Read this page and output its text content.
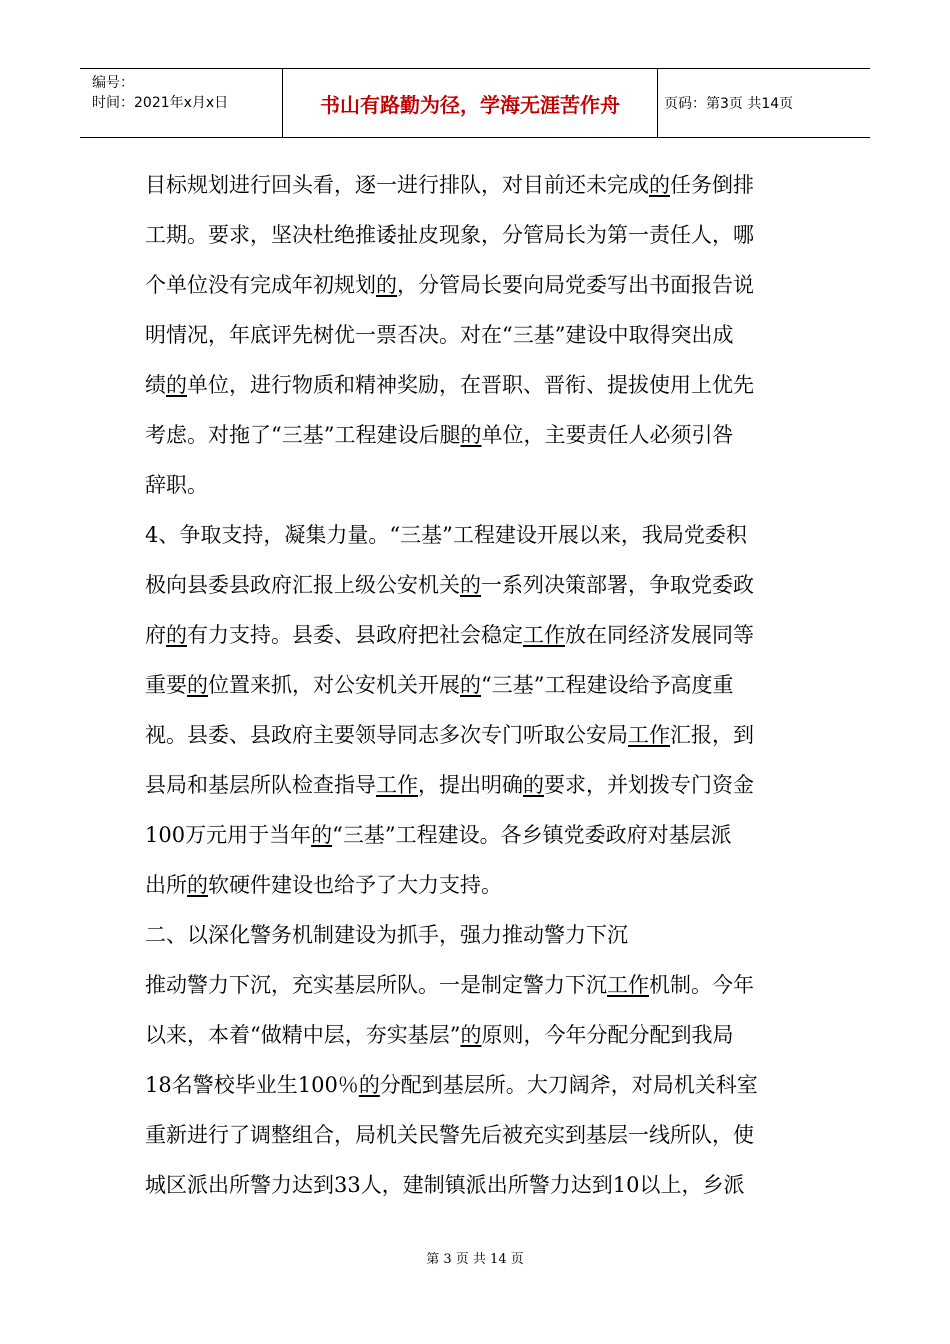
编号：
时间：2021年x月x日	书山有路勤为径，学海无涯苦作舟	页码：第3页 共14页
目标规划进行回头看，逐一进行排队，对目前还未完成的任务倒排
工期。要求，坚决杜绝推诿扯皮现象，分管局长为第一责任人，哪
个单位没有完成年初规划的，分管局长要向局党委写出书面报告说
明情况，年底评先树优一票否决。对在“三基”建设中取得突出成
绩的单位，进行物质和精神奖励，在晋职、晋衔、提拔使用上优先
考虑。对拖了“三基”工程建设后腿的单位，主要责任人必须引咎
辞职。
4、争取支持，凝集力量。“三基”工程建设开展以来，我局党委积
极向县委县政府汇报上级公安机关的一系列决策部署，争取党委政
府的有力支持。县委、县政府把社会稳定工作放在同经济发展同等
重要的位置来抓，对公安机关开展的“三基”工程建设给予高度重
视。县委、县政府主要领导同志多次专门听取公安局工作汇报，到
县局和基层所队检查指导工作，提出明确的要求，并划拨专门资金
100万元用于当年的“三基”工程建设。各乡镇党委政府对基层派
出所的软硬件建设也给予了大力支持。
二、以深化警务机制建设为抓手，强力推动警力下沉
推动警力下沉，充实基层所队。一是制定警力下沉工作机制。今年
以来，本着“做精中层，夯实基层”的原则，今年分配分配到我局
18名警校毕业生100％的分配到基层所。大刀阔斧，对局机关科室
重新进行了调整组合，局机关民警先后被充实到基层一线所队，使
城区派出所警力达到33人，建制镇派出所警力达到10以上，乡派
第 3 页 共 14 页
